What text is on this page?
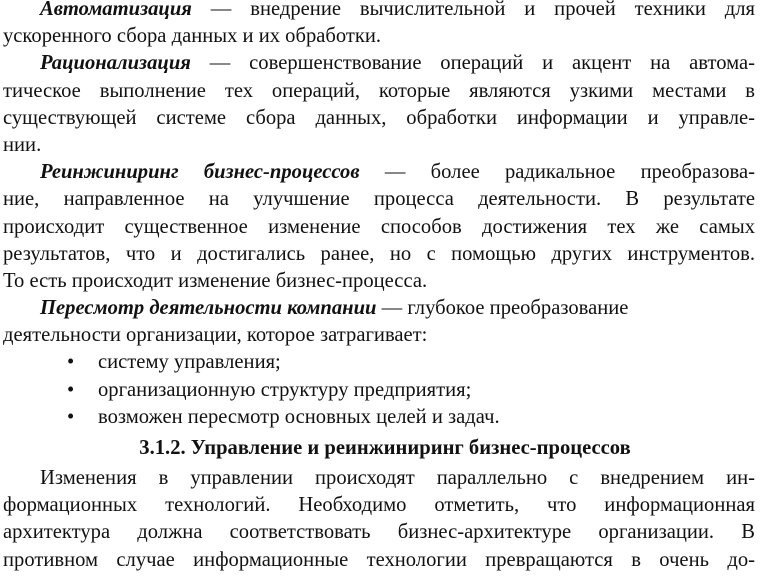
Автоматизация — внедрение вычислительной и прочей техники для
ускоренного сбора данных и их обработки.
Рационализация — совершенствование операций и акцент на автома-
тическое выполнение тех операций, которые являются узкими местами в
существующей системе сбора данных, обработки информации и управле-
нии.
Реинжиниринг бизнес-процессов — более радикальное преобразова-
ние, направленное на улучшение процесса деятельности. В результате
происходит существенное изменение способов достижения тех же самых
результатов, что и достигались ранее, но с помощью других инструментов.
То есть происходит изменение бизнес-процесса.
Пересмотр деятельности компании — глубокое преобразование
деятельности организации, которое затрагивает:
•	систему управления;
•	организационную структуру предприятия;
•	возможен пересмотр основных целей и задач.
3.1.2. Управление и реинжиниринг бизнес-процессов
Изменения в управлении происходят параллельно с внедрением ин-
формационных технологий. Необходимо отметить, что информационная
архитектура должна соответствовать бизнес-архитектуре организации. В
противном случае информационные технологии превращаются в очень до-
